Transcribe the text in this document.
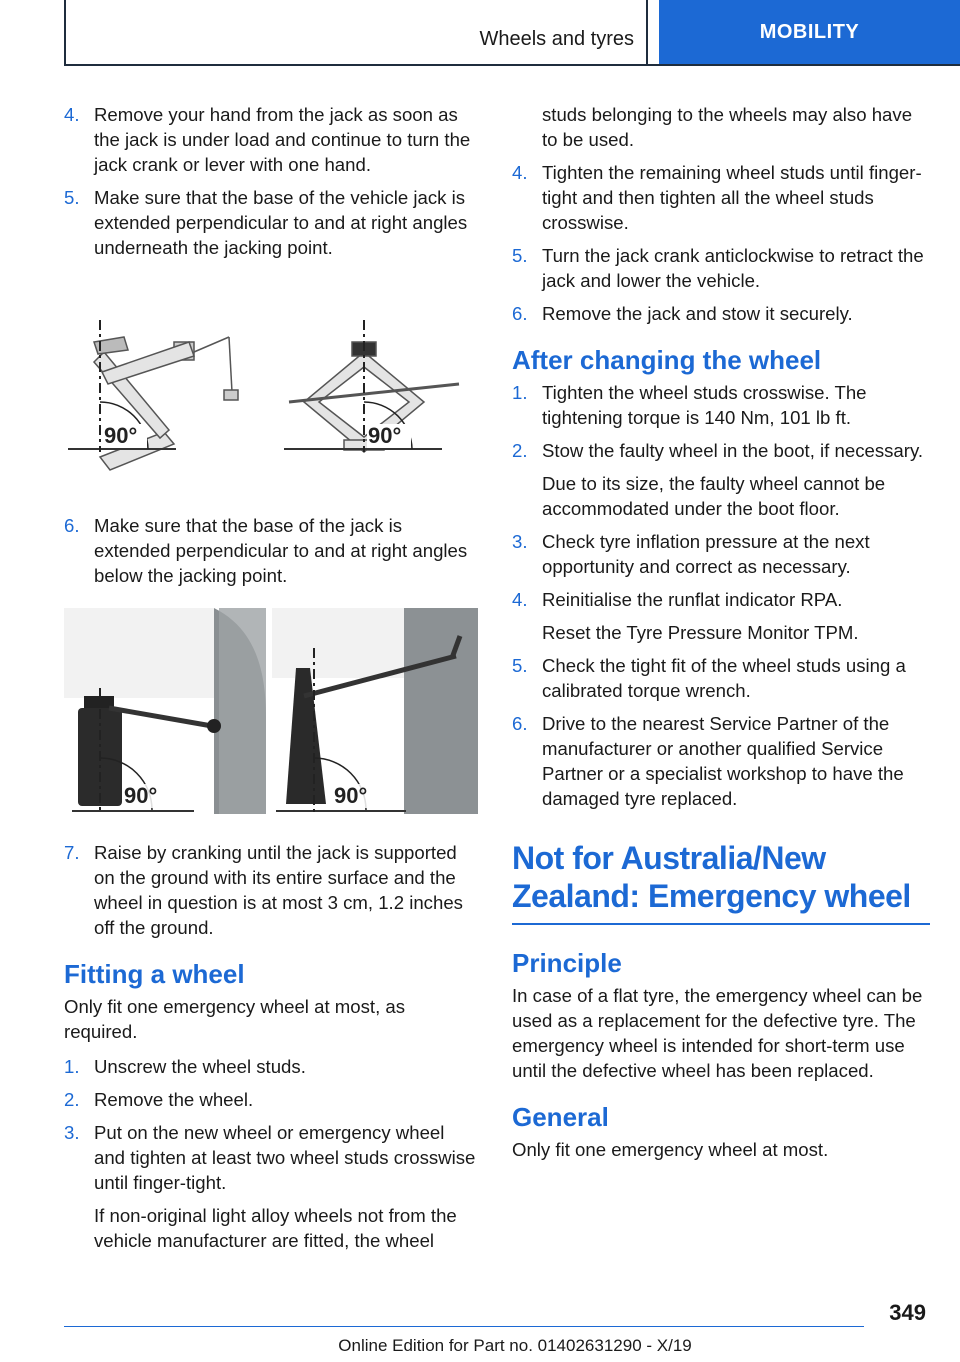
Wheels and tyres	MOBILITY
4. Remove your hand from the jack as soon as the jack is under load and continue to turn the jack crank or lever with one hand.
5. Make sure that the base of the vehicle jack is extended perpendicular to and at right angles underneath the jacking point.
90°	90°
6. Make sure that the base of the jack is extended perpendicular to and at right angles below the jacking point.
90°	90°
7. Raise by cranking until the jack is supported on the ground with its entire surface and the wheel in question is at most 3 cm, 1.2 inches off the ground.
Fitting a wheel
Only fit one emergency wheel at most, as required.
1. Unscrew the wheel studs.
2. Remove the wheel.
3. Put on the new wheel or emergency wheel and tighten at least two wheel studs crosswise until finger-tight.
If non-original light alloy wheels not from the vehicle manufacturer are fitted, the wheel
studs belonging to the wheels may also have to be used.
4. Tighten the remaining wheel studs until finger-tight and then tighten all the wheel studs crosswise.
5. Turn the jack crank anticlockwise to retract the jack and lower the vehicle.
6. Remove the jack and stow it securely.
After changing the wheel
1. Tighten the wheel studs crosswise. The tightening torque is 140 Nm, 101 lb ft.
2. Stow the faulty wheel in the boot, if necessary.
Due to its size, the faulty wheel cannot be accommodated under the boot floor.
3. Check tyre inflation pressure at the next opportunity and correct as necessary.
4. Reinitialise the runflat indicator RPA.
Reset the Tyre Pressure Monitor TPM.
5. Check the tight fit of the wheel studs using a calibrated torque wrench.
6. Drive to the nearest Service Partner of the manufacturer or another qualified Service Partner or a specialist workshop to have the damaged tyre replaced.
Not for Australia/New Zealand: Emergency wheel
Principle
In case of a flat tyre, the emergency wheel can be used as a replacement for the defective tyre. The emergency wheel is intended for short-term use until the defective wheel has been replaced.
General
Only fit one emergency wheel at most.
349
Online Edition for Part no. 01402631290 - X/19
